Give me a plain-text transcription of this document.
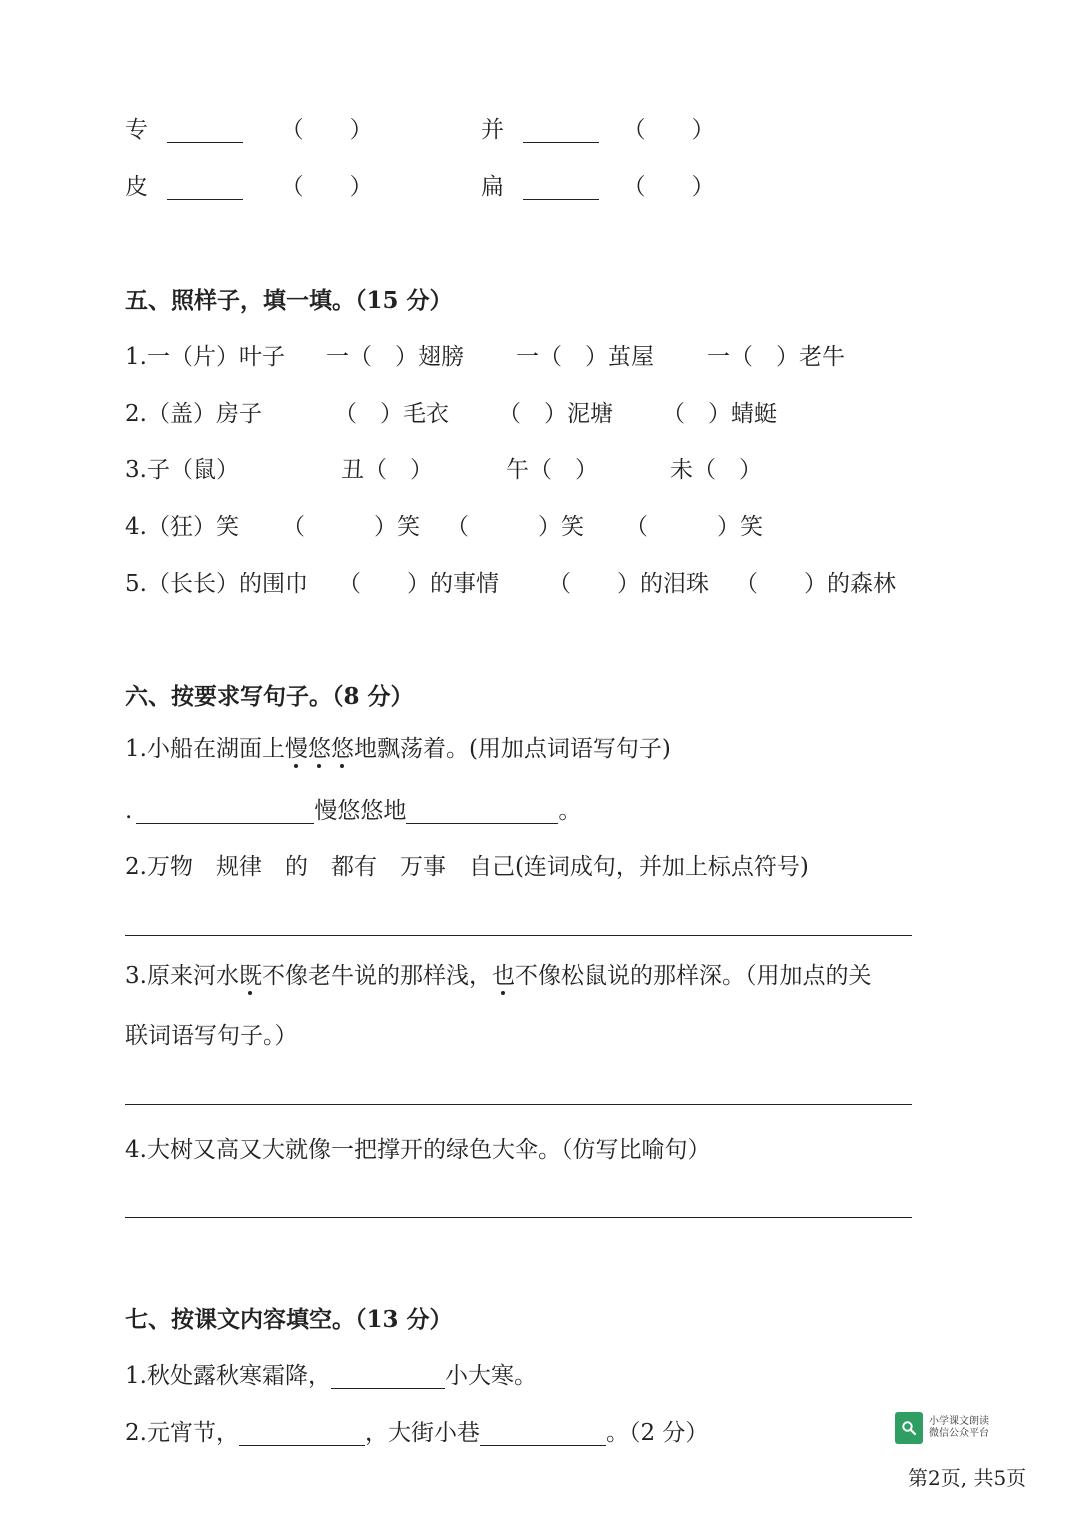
专	（　　）	并	（　　）
皮	（　　）	扁	（　　）
五、照样子，填一填。（15 分）
1.一（片）叶子 一（　）翅膀 一（　）茧屋 一（　）老牛
2.（盖）房子	（　）毛衣 （　）泥塘 （　）蜻蜓
3.子（鼠）	丑（　）	午（　）	未（　）
4.（狂）笑 （　　　）笑 （　　　）笑 （　　　）笑
5.（长长）的围巾 （　　）的事情 （　　）的泪珠 （　　）的森林
六、按要求写句子。（8 分）
1.小船在湖面上慢悠悠地飘荡着。(用加点词语写句子)
.	慢悠悠地	。
2.万物　规律　的　都有　万事　自己(连词成句，并加上标点符号)
3.原来河水既不像老牛说的那样浅，也不像松鼠说的那样深。（用加点的关
联词语写句子。）
4.大树又高又大就像一把撑开的绿色大伞。（仿写比喻句）
七、按课文内容填空。（13 分）
1.秋处露秋寒霜降，	小大寒。
2.元宵节，	，大街小巷	。（2 分）	小学课文朗读
微信公众平台
第2页, 共5页
